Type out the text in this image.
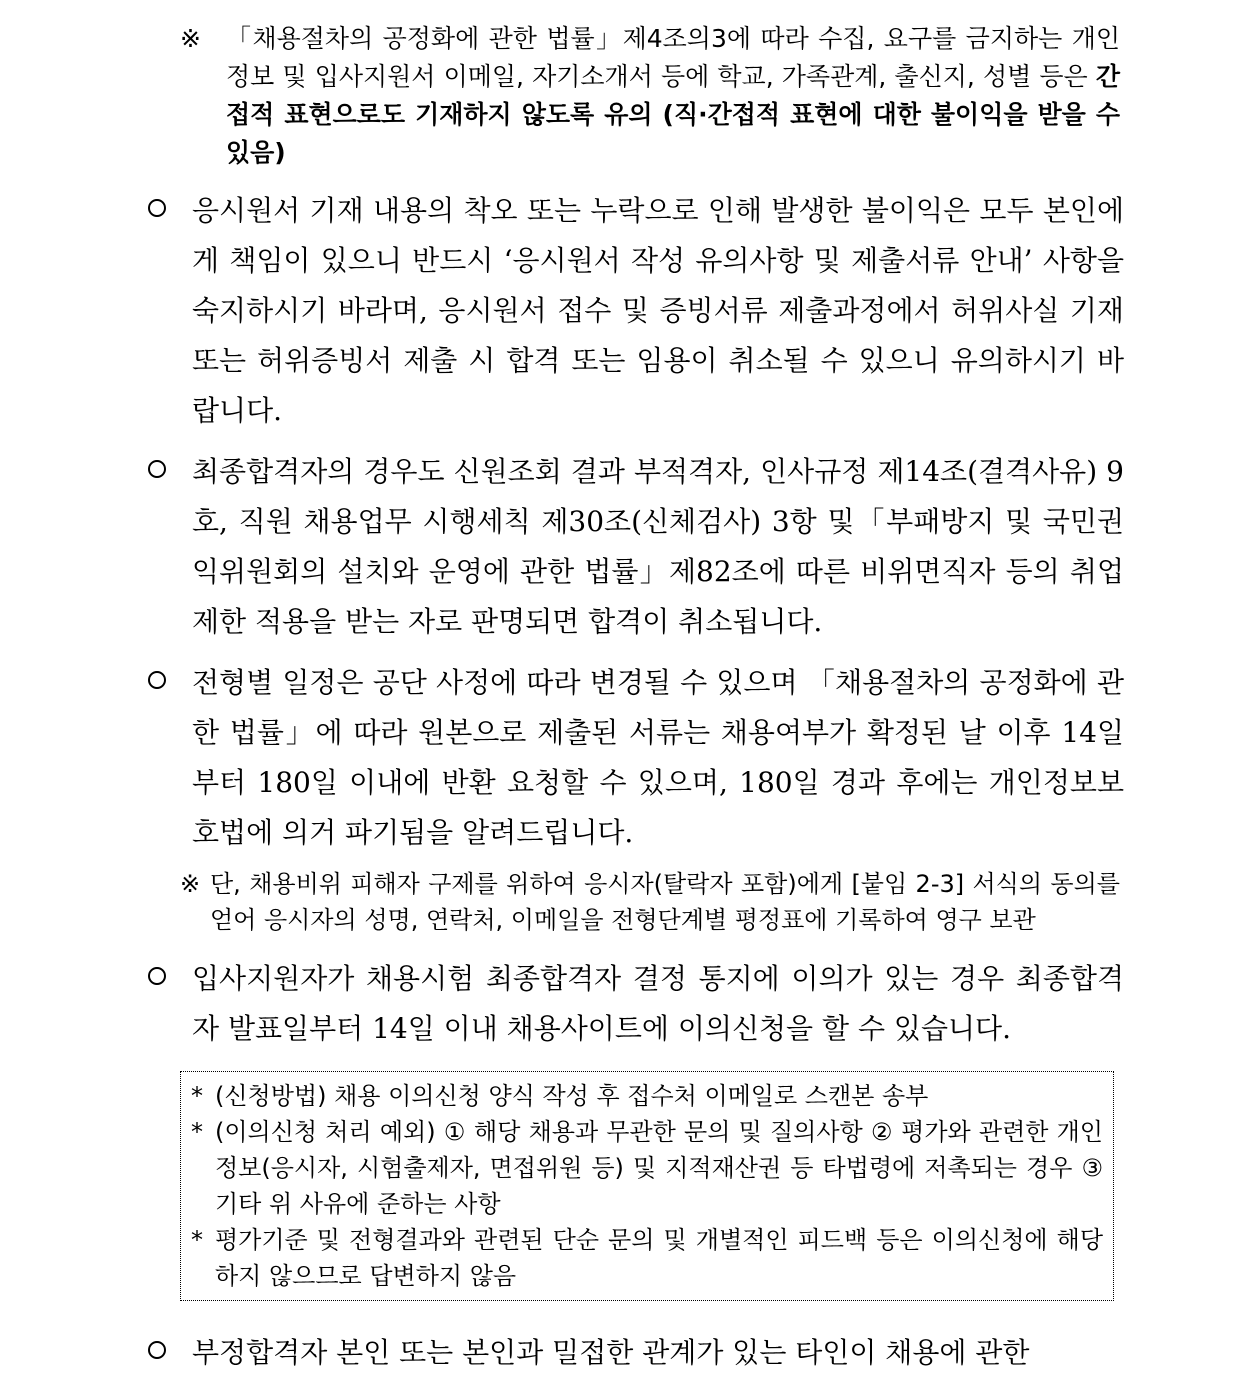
※ 「채용절차의 공정화에 관한 법률」제4조의3에 따라 수집, 요구를 금지하는 개인정보 및 입사지원서 이메일, 자기소개서 등에 학교, 가족관계, 출신지, 성별 등은 간접적 표현으로도 기재하지 않도록 유의 (직·간접적 표현에 대한 불이익을 받을 수 있음)
응시원서 기재 내용의 착오 또는 누락으로 인해 발생한 불이익은 모두 본인에게 책임이 있으니 반드시 ‘응시원서 작성 유의사항 및 제출서류 안내’ 사항을 숙지하시기 바라며, 응시원서 접수 및 증빙서류 제출과정에서 허위사실 기재 또는 허위증빙서 제출 시 합격 또는 임용이 취소될 수 있으니 유의하시기 바랍니다.
최종합격자의 경우도 신원조회 결과 부적격자, 인사규정 제14조(결격사유) 9호, 직원 채용업무 시행세칙 제30조(신체검사) 3항 및「부패방지 및 국민권익위원회의 설치와 운영에 관한 법률」제82조에 따른 비위면직자 등의 취업제한 적용을 받는 자로 판명되면 합격이 취소됩니다.
전형별 일정은 공단 사정에 따라 변경될 수 있으며 「채용절차의 공정화에 관한 법률」에 따라 원본으로 제출된 서류는 채용여부가 확정된 날 이후 14일부터 180일 이내에 반환 요청할 수 있으며, 180일 경과 후에는 개인정보보호법에 의거 파기됨을 알려드립니다.
※ 단, 채용비위 피해자 구제를 위하여 응시자(탈락자 포함)에게 [붙임 2-3] 서식의 동의를 얻어 응시자의 성명, 연락처, 이메일을 전형단계별 평정표에 기록하여 영구 보관
입사지원자가 채용시험 최종합격자 결정 통지에 이의가 있는 경우 최종합격자 발표일부터 14일 이내 채용사이트에 이의신청을 할 수 있습니다.
* (신청방법) 채용 이의신청 양식 작성 후 접수처 이메일로 스캔본 송부
* (이의신청 처리 예외) ① 해당 채용과 무관한 문의 및 질의사항 ② 평가와 관련한 개인정보(응시자, 시험출제자, 면접위원 등) 및 지적재산권 등 타법령에 저촉되는 경우 ③ 기타 위 사유에 준하는 사항
* 평가기준 및 전형결과와 관련된 단순 문의 및 개별적인 피드백 등은 이의신청에 해당하지 않으므로 답변하지 않음
부정합격자 본인 또는 본인과 밀접한 관계가 있는 타인이 채용에 관한
